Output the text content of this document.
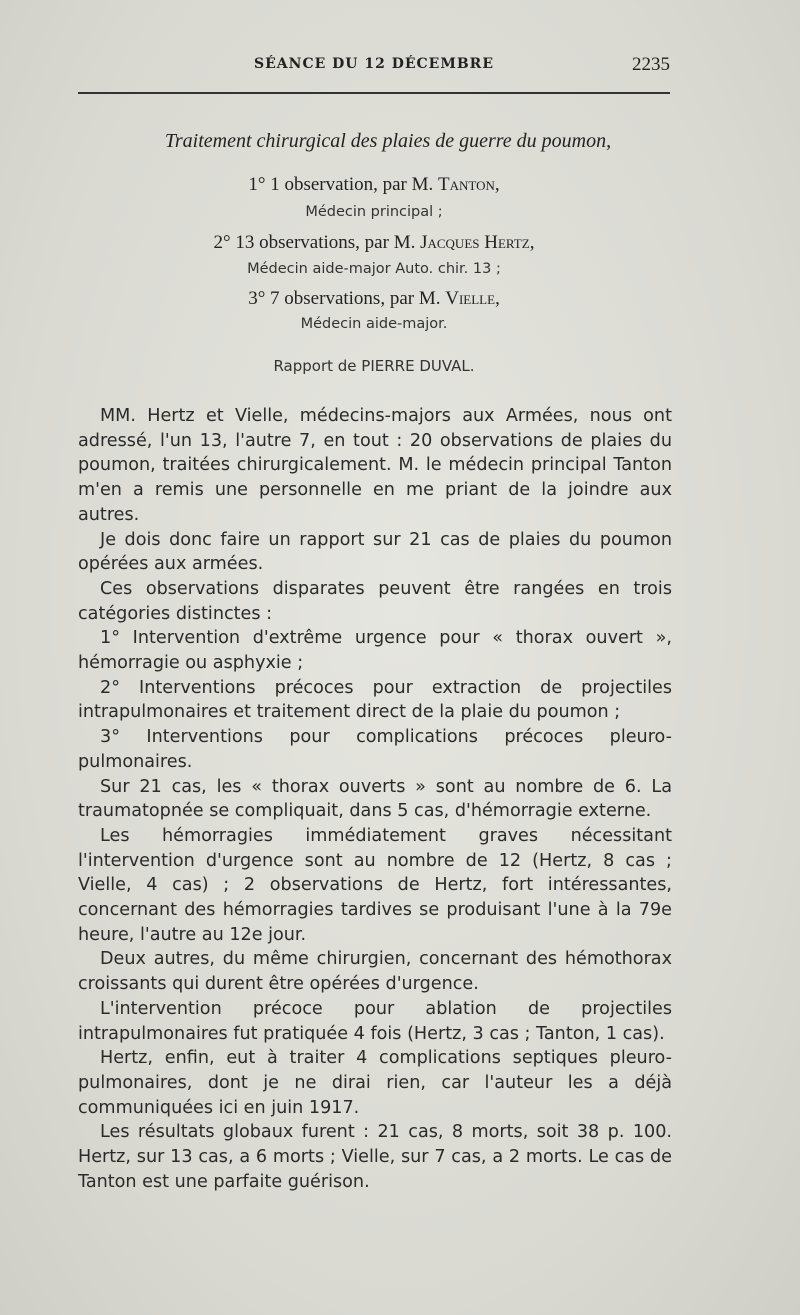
SÉANCE DU 12 DÉCEMBRE	2235
Traitement chirurgical des plaies de guerre du poumon,
1° 1 observation, par M. Tanton,
Médecin principal ;
2° 13 observations, par M. Jacques Hertz,
Médecin aide-major Auto. chir. 13 ;
3° 7 observations, par M. Vielle,
Médecin aide-major.
Rapport de PIERRE DUVAL.

MM. Hertz et Vielle, médecins-majors aux Armées, nous ont adressé, l'un 13, l'autre 7, en tout : 20 observations de plaies du poumon, traitées chirurgicalement. M. le médecin principal Tanton m'en a remis une personnelle en me priant de la joindre aux autres.

Je dois donc faire un rapport sur 21 cas de plaies du poumon opérées aux armées.

Ces observations disparates peuvent être rangées en trois catégories distinctes :

1° Intervention d'extrême urgence pour « thorax ouvert », hémorragie ou asphyxie ;

2° Interventions précoces pour extraction de projectiles intrapulmonaires et traitement direct de la plaie du poumon ;

3° Interventions pour complications précoces pleuro-pulmonaires.

Sur 21 cas, les « thorax ouverts » sont au nombre de 6. La traumatopnée se compliquait, dans 5 cas, d'hémorragie externe.

Les hémorragies immédiatement graves nécessitant l'intervention d'urgence sont au nombre de 12 (Hertz, 8 cas ; Vielle, 4 cas) ; 2 observations de Hertz, fort intéressantes, concernant des hémorragies tardives se produisant l'une à la 79e heure, l'autre au 12e jour.

Deux autres, du même chirurgien, concernant des hémothorax croissants qui durent être opérées d'urgence.

L'intervention précoce pour ablation de projectiles intrapulmonaires fut pratiquée 4 fois (Hertz, 3 cas ; Tanton, 1 cas).

Hertz, enfin, eut à traiter 4 complications septiques pleuro-pulmonaires, dont je ne dirai rien, car l'auteur les a déjà communiquées ici en juin 1917.

Les résultats globaux furent : 21 cas, 8 morts, soit 38 p. 100. Hertz, sur 13 cas, a 6 morts ; Vielle, sur 7 cas, a 2 morts. Le cas de Tanton est une parfaite guérison.
